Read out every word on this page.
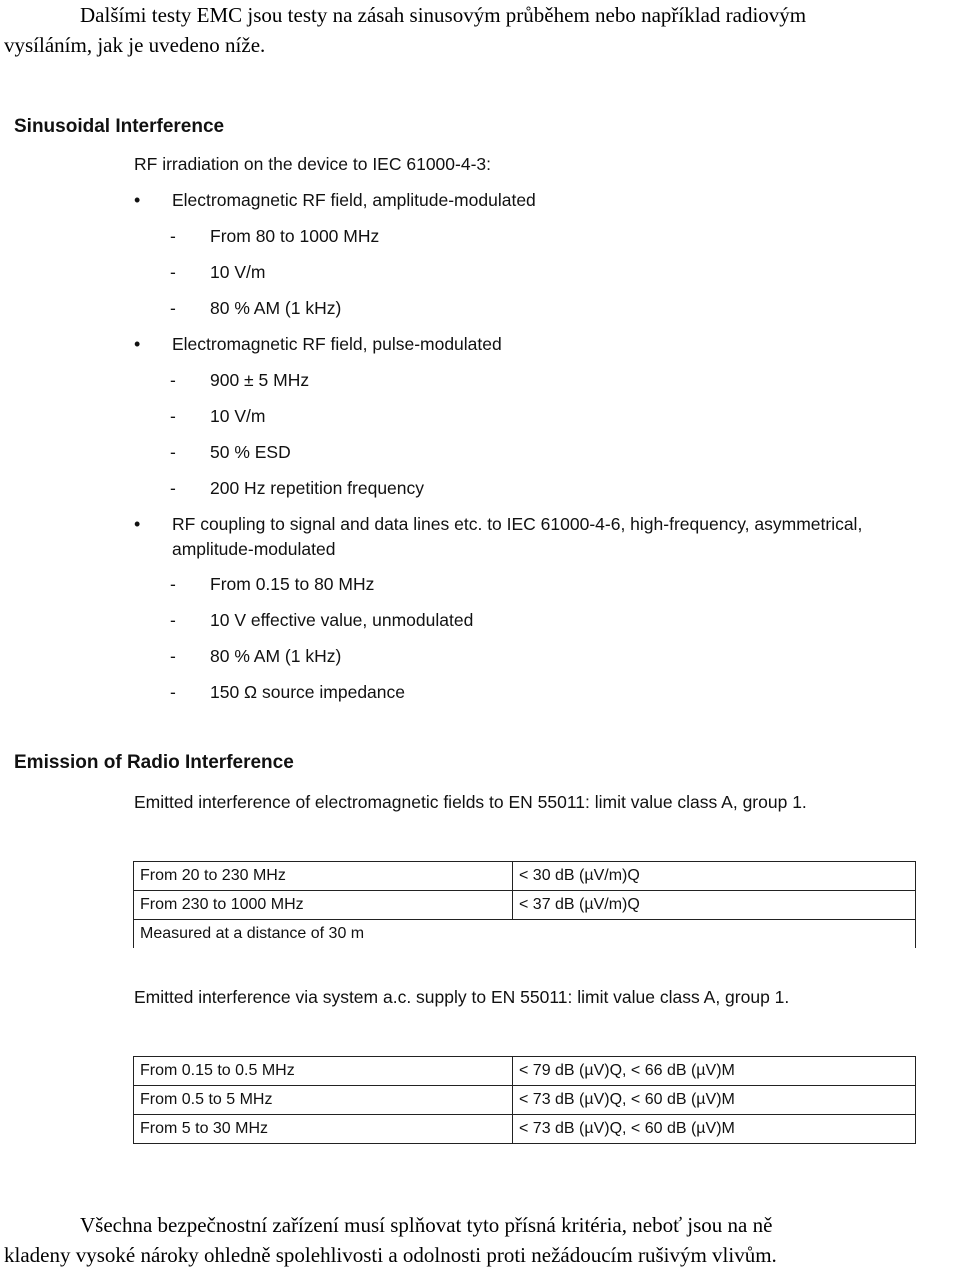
Dalšími testy EMC jsou testy na zásah sinusovým průběhem nebo například radiovým
vysíláním, jak je uvedeno níže.
Sinusoidal Interference
RF irradiation on the device to IEC 61000-4-3:
• Electromagnetic RF field, amplitude-modulated
- From 80 to 1000 MHz
- 10 V/m
- 80 % AM (1 kHz)
• Electromagnetic RF field, pulse-modulated
- 900 ± 5 MHz
- 10 V/m
- 50 % ESD
- 200 Hz repetition frequency
• RF coupling to signal and data lines etc. to IEC 61000-4-6, high-frequency, asymmetrical, amplitude-modulated
- From 0.15 to 80 MHz
- 10 V effective value, unmodulated
- 80 % AM (1 kHz)
- 150 Ω source impedance
Emission of Radio Interference
Emitted interference of electromagnetic fields to EN 55011: limit value class A, group 1.
From 20 to 230 MHz	< 30 dB (µV/m)Q
From 230 to 1000 MHz	< 37 dB (µV/m)Q
Measured at a distance of 30 m	
Emitted interference via system a.c. supply to EN 55011: limit value class A, group 1.
From 0.15 to 0.5 MHz	< 79 dB (µV)Q, < 66 dB (µV)M
From 0.5 to 5 MHz	< 73 dB (µV)Q, < 60 dB (µV)M
From 5 to 30 MHz	< 73 dB (µV)Q, < 60 dB (µV)M
Všechna bezpečnostní zařízení musí splňovat tyto přísná kritéria, neboť jsou na ně
kladeny vysoké nároky ohledně spolehlivosti a odolnosti proti nežádoucím rušivým vlivům.
